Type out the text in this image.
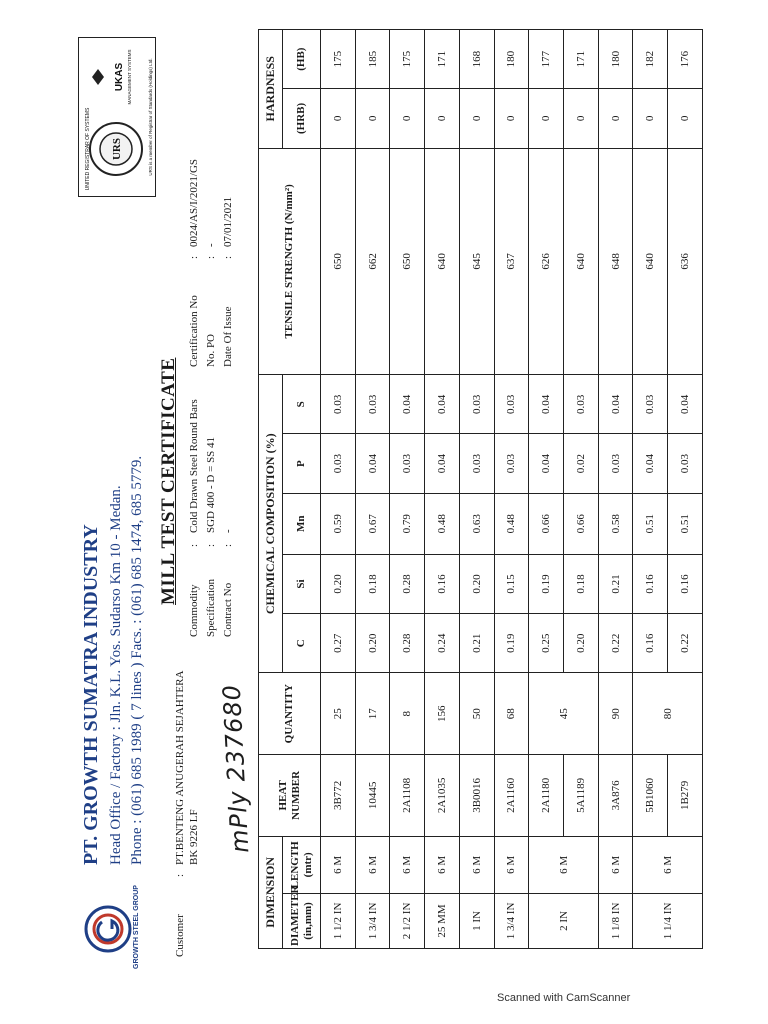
GROWTH STEEL GROUP
PT. GROWTH SUMATRA INDUSTRY Head Office / Factory : Jln. K.L. Yos. Sudarso Km 10 - Medan. Phone : (061) 685 1989 ( 7 lines ) Facs. : (061) 685 1474, 685 5779. MILL TEST CERTIFICATE
URS
UNITED REGISTRAR OF SYSTEMS
UKAS MANAGEMENT SYSTEMS	URS is a member of Registrar of Standards (Holdings) Ltd.
Customer
:
PT.BENTENG ANUGERAH SEJAHTERA BK 9226 LF
Commodity
:
Cold Drawn Steel Round Bars
Specification
:
SGD 400 - D = SS 41
Contract No
:
-
Certification No
:
0024/AS/I/2021/GS
No. PO
:
-
Date Of Issue
:
07/01/2021
mPly 237680
DIMENSION		HEAT NUMBER	QUANTITY	CHEMICAL COMPOSITION (%)					TENSILE STRENGTH (N/mm²)	HARDNESS	
DIAMETER (in,mm)	LENGTH (mtr)			C	Si	Mn	P	S		(HRB)	(HB)
1 1/2 IN	6 M	3B772	25	0.27	0.20	0.59	0.03	0.03	650	0	175
1 3/4 IN	6 M	10445	17	0.20	0.18	0.67	0.04	0.03	662	0	185
2 1/2 IN	6 M	2A1108	8	0.28	0.28	0.79	0.03	0.04	650	0	175
25 MM	6 M	2A1035	156	0.24	0.16	0.48	0.04	0.04	640	0	171
1 IN	6 M	3B0016	50	0.21	0.20	0.63	0.03	0.03	645	0	168
1 3/4 IN	6 M	2A1160	68	0.19	0.15	0.48	0.03	0.03	637	0	180
2 IN	6 M	2A1180	45	0.25	0.19	0.66	0.04	0.04	626	0	177
		5A1189		0.20	0.18	0.66	0.02	0.03	640	0	171
1 1/8 IN	6 M	3A876	90	0.22	0.21	0.58	0.03	0.04	648	0	180
1 1/4 IN	6 M	5B1060	80	0.16	0.16	0.51	0.04	0.03	640	0	182
		1B279		0.22	0.16	0.51	0.03	0.04	636	0	176
Scanned with CamScanner
